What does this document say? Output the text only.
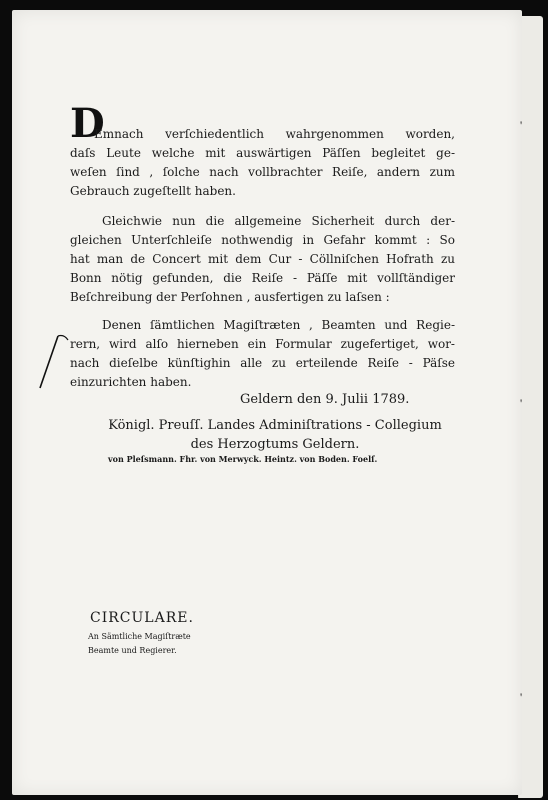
D
Emnach verſchiedentlich wahrgenommen worden,
daſs Leute welche mit auswärtigen Päſſen begleitet ge-
weſen ſind , ſolche nach vollbrachter Reiſe, andern zum
Gebrauch zugeſtellt haben.
Gleichwie nun die allgemeine Sicherheit durch der-
gleichen Unterſchleiſe nothwendig in Gefahr kommt : So
hat man de Concert mit dem Cur - Cöllniſchen Hofrath zu
Bonn nötig gefunden, die Reiſe - Päſſe mit vollſtändiger
Beſchreibung der Perſohnen , ausfertigen zu laſsen :
Denen ſämtlichen Magiſtræten , Beamten und Regie-
rern, wird alſo hierneben ein Formular zugefertiget, wor-
nach dieſelbe künſtighin alle zu erteilende Reiſe - Päſse
einzurichten haben.
Geldern den 9. Julii 1789.
Königl. Preuſſ. Landes Adminiſtrations - Collegium
des Herzogtums Geldern.
von Pleſsmann. Fhr. von Merwyck. Heintz. von Boden. Foelſ.
CIRCULARE.
An Sämtliche Magiſtræte
Beamte und Regierer.
'
'
'
